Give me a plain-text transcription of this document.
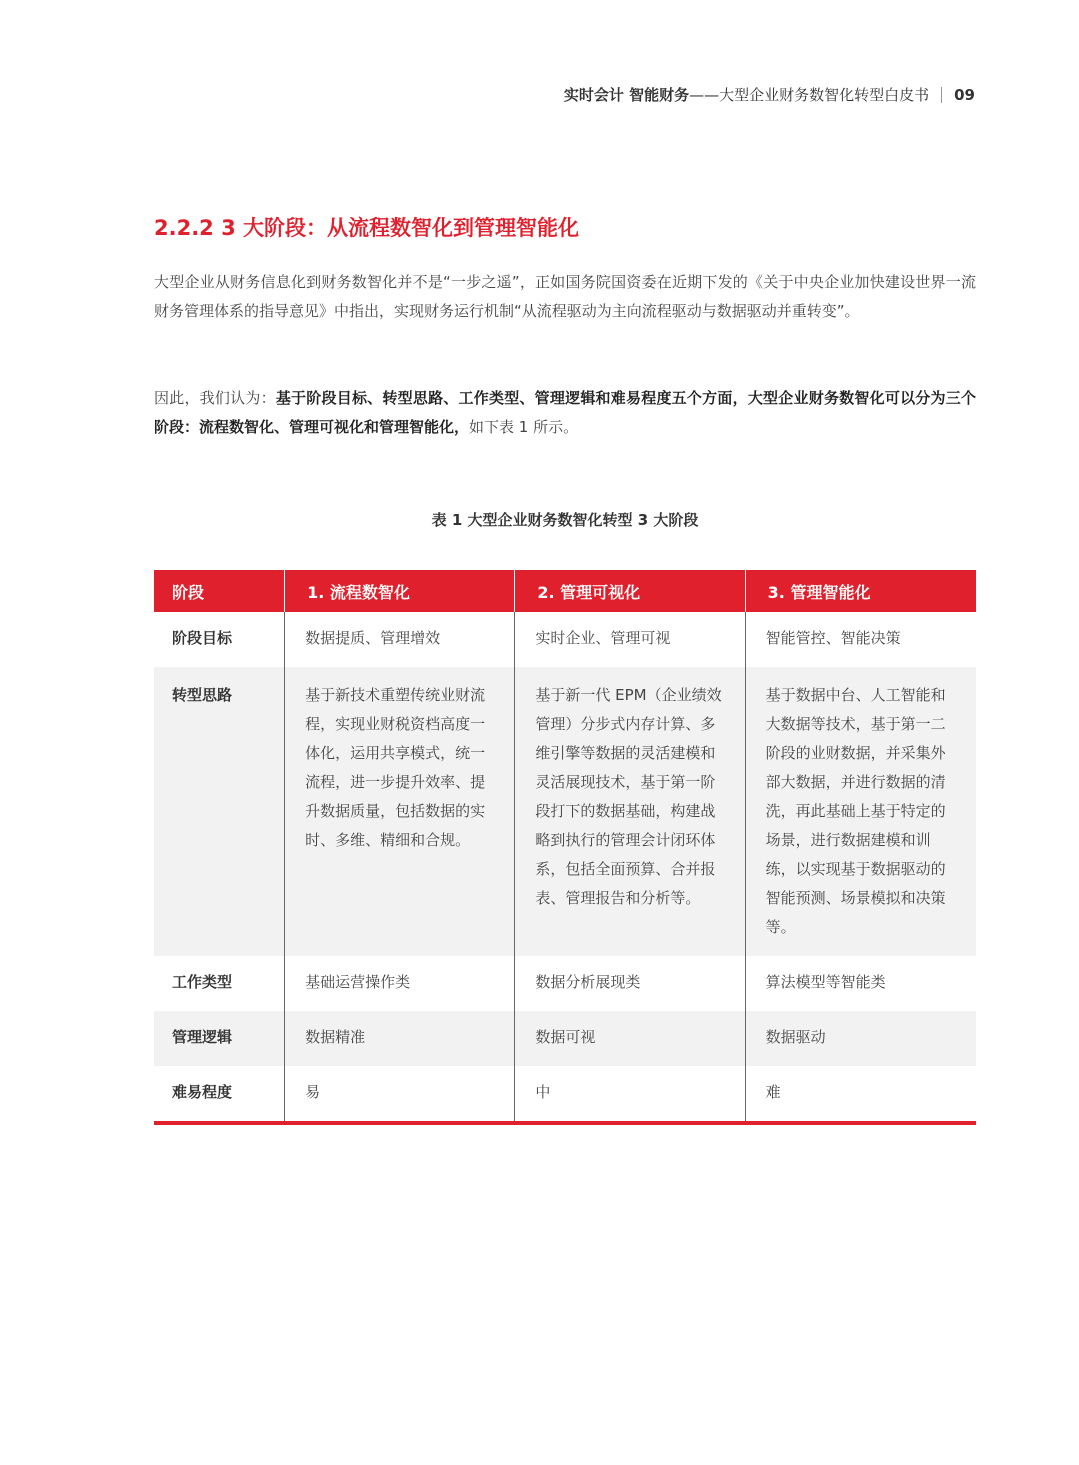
实时会计 智能财务——大型企业财务数智化转型白皮书 09
2.2.2 3 大阶段：从流程数智化到管理智能化
大型企业从财务信息化到财务数智化并不是“一步之遥”，正如国务院国资委在近期下发的《关于中央企业加快建设世界一流财务管理体系的指导意见》中指出，实现财务运行机制“从流程驱动为主向流程驱动与数据驱动并重转变”。
因此，我们认为：基于阶段目标、转型思路、工作类型、管理逻辑和难易程度五个方面，大型企业财务数智化可以分为三个阶段：流程数智化、管理可视化和管理智能化，如下表 1 所示。
表 1 大型企业财务数智化转型 3 大阶段
阶段	1. 流程数智化	2. 管理可视化	3. 管理智能化
阶段目标	数据提质、管理增效	实时企业、管理可视	智能管控、智能决策
转型思路	基于新技术重塑传统业财流程，实现业财税资档高度一体化，运用共享模式，统一流程，进一步提升效率、提升数据质量，包括数据的实时、多维、精细和合规。	基于新一代 EPM（企业绩效管理）分步式内存计算、多维引擎等数据的灵活建模和灵活展现技术，基于第一阶段打下的数据基础，构建战略到执行的管理会计闭环体系，包括全面预算、合并报表、管理报告和分析等。	基于数据中台、人工智能和大数据等技术，基于第一二阶段的业财数据，并采集外部大数据，并进行数据的清洗，再此基础上基于特定的场景，进行数据建模和训练，以实现基于数据驱动的智能预测、场景模拟和决策等。
工作类型	基础运营操作类	数据分析展现类	算法模型等智能类
管理逻辑	数据精准	数据可视	数据驱动
难易程度	易	中	难
